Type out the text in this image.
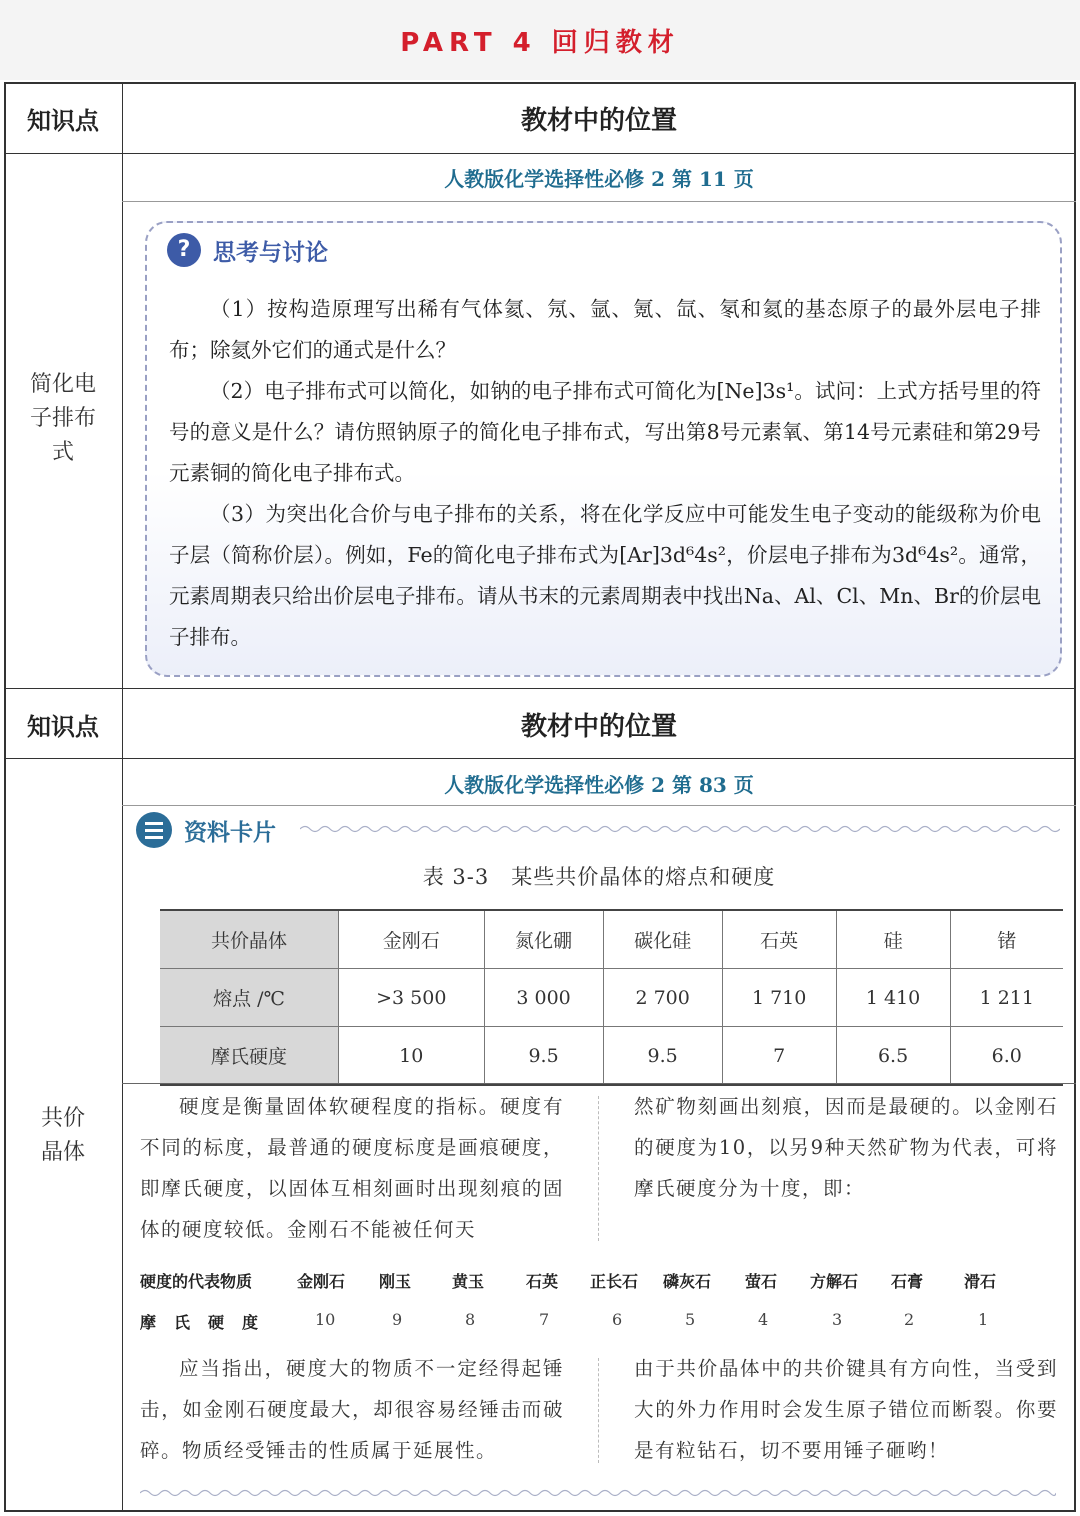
PART 4 回归教材
知识点	教材中的位置
简化电
子排布
式
人教版化学选择性必修 2 第 11 页
? 思考与讨论

（1）按构造原理写出稀有气体氦、氖、氩、氪、氙、氡和氦的基态原子的最外层电子排布；除氦外它们的通式是什么？

（2）电子排布式可以简化，如钠的电子排布式可简化为[Ne]3s¹。试问：上式方括号里的符号的意义是什么？请仿照钠原子的简化电子排布式，写出第8号元素氧、第14号元素硅和第29号元素铜的简化电子排布式。

（3）为突出化合价与电子排布的关系，将在化学反应中可能发生电子变动的能级称为价电子层（简称价层）。例如，Fe的简化电子排布式为[Ar]3d⁶4s²，价层电子排布为3d⁶4s²。通常，元素周期表只给出价层电子排布。请从书末的元素周期表中找出Na、Al、Cl、Mn、Br的价层电子排布。

知识点	教材中的位置
共价
晶体
人教版化学选择性必修 2 第 83 页
资料卡片
表 3-3　某些共价晶体的熔点和硬度
共价晶体	金刚石	氮化硼	碳化硅	石英	硅	锗
熔点 /℃	>3 500	3 000	2 700	1 710	1 410	1 211
摩氏硬度	10	9.5	9.5	7	6.5	6.0
硬度是衡量固体软硬程度的指标。硬度有不同的标度，最普通的硬度标度是画痕硬度，即摩氏硬度，以固体互相刻画时出现刻痕的固体的硬度较低。金刚石不能被任何天
然矿物刻画出刻痕，因而是最硬的。以金刚石的硬度为10，以另9种天然矿物为代表，可将摩氏硬度分为十度，即：
硬度的代表物质
摩　氏　硬　度
金刚石 刚玉	黄玉	石英 正长石 磷灰石 萤石 方解石 石膏	滑石
10	9	8	7	6	5	4	3	2	1
应当指出，硬度大的物质不一定经得起锤击，如金刚石硬度最大，却很容易经锤击而破碎。物质经受锤击的性质属于延展性。
由于共价晶体中的共价键具有方向性，当受到大的外力作用时会发生原子错位而断裂。你要是有粒钻石，切不要用锤子砸哟！
